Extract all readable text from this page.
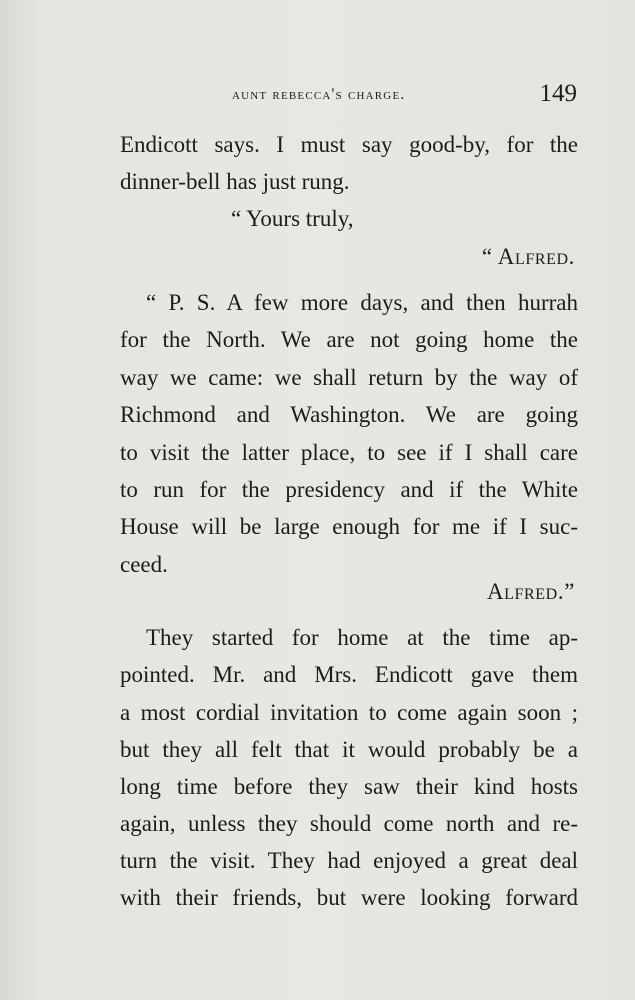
aunt rebecca's charge.	149
Endicott says. I must say good-by, for the
dinner-bell has just rung.
“ Yours truly,
“ Alfred.
“ P. S. A few more days, and then hurrah
for the North. We are not going home the
way we came: we shall return by the way of
Richmond and Washington. We are going
to visit the latter place, to see if I shall care
to run for the presidency and if the White
House will be large enough for me if I suc-
ceed.
Alfred.”
They started for home at the time ap-
pointed. Mr. and Mrs. Endicott gave them
a most cordial invitation to come again soon ;
but they all felt that it would probably be a
long time before they saw their kind hosts
again, unless they should come north and re-
turn the visit. They had enjoyed a great deal
with their friends, but were looking forward
